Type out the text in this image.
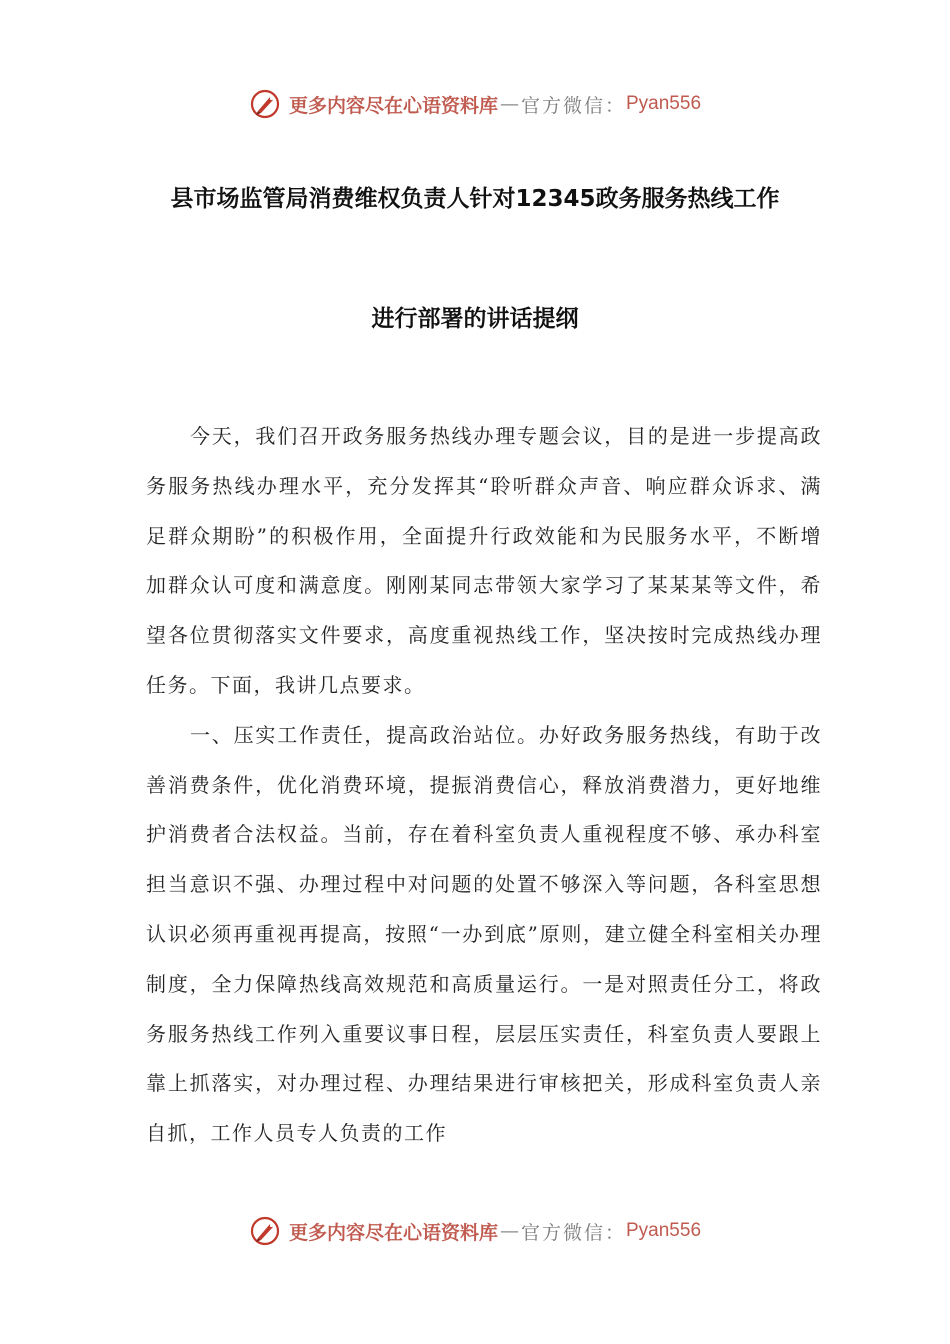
更多内容尽在心语资料库 — 官方微信： Pyan556
县市场监管局消费维权负责人针对12345政务服务热线工作
进行部署的讲话提纲

今天，我们召开政务服务热线办理专题会议，目的是进一步提高政务服务热线办理水平，充分发挥其“聆听群众声音、响应群众诉求、满足群众期盼”的积极作用，全面提升行政效能和为民服务水平，不断增加群众认可度和满意度。刚刚某同志带领大家学习了某某某等文件，希望各位贯彻落实文件要求，高度重视热线工作，坚决按时完成热线办理任务。下面，我讲几点要求。

一、压实工作责任，提高政治站位。办好政务服务热线，有助于改善消费条件，优化消费环境，提振消费信心，释放消费潜力，更好地维护消费者合法权益。当前，存在着科室负责人重视程度不够、承办科室担当意识不强、办理过程中对问题的处置不够深入等问题，各科室思想认识必须再重视再提高，按照“一办到底”原则，建立健全科室相关办理制度，全力保障热线高效规范和高质量运行。一是对照责任分工，将政务服务热线工作列入重要议事日程，层层压实责任，科室负责人要跟上靠上抓落实，对办理过程、办理结果进行审核把关，形成科室负责人亲自抓，工作人员专人负责的工作

更多内容尽在心语资料库 — 官方微信： Pyan556
